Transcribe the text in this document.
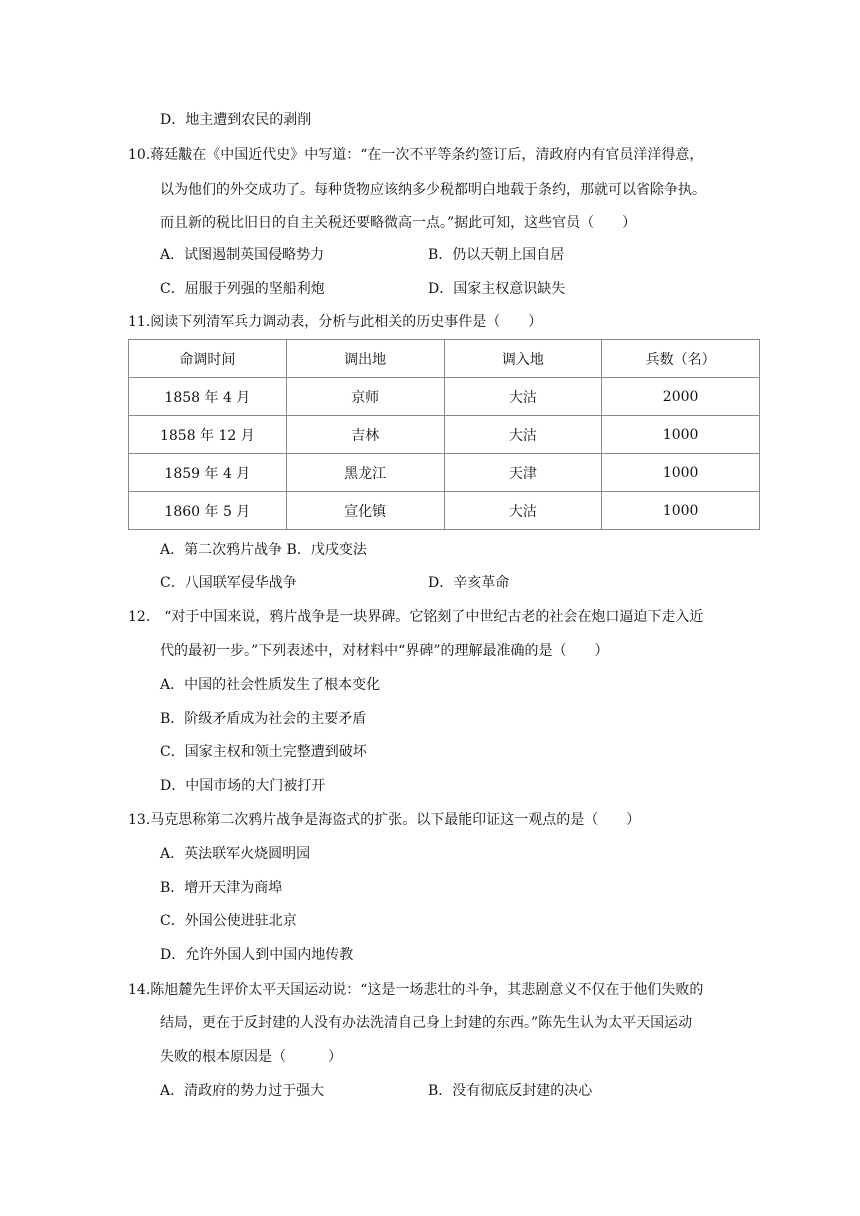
D．地主遭到农民的剥削
10.蒋廷黻在《中国近代史》中写道：“在一次不平等条约签订后，清政府内有官员洋洋得意，
以为他们的外交成功了。每种货物应该纳多少税都明白地载于条约，那就可以省除争执。
而且新的税比旧日的自主关税还要略微高一点。”据此可知，这些官员（　　）
A．试图遏制英国侵略势力	B．仍以天朝上国自居
C．屈服于列强的坚船利炮	D．国家主权意识缺失
11.阅读下列清军兵力调动表，分析与此相关的历史事件是（　　）
命调时间	调出地	调入地	兵数（名）
1858 年 4 月	京师	大沽	2000
1858 年 12 月	吉林	大沽	1000
1859 年 4 月	黑龙江	天津	1000
1860 年 5 月	宣化镇	大沽	1000
A．第二次鸦片战争 B．戊戌变法
C．八国联军侵华战争	D．辛亥革命
12.　“对于中国来说，鸦片战争是一块界碑。它铭刻了中世纪古老的社会在炮口逼迫下走入近
代的最初一步。”下列表述中，对材料中“界碑”的理解最准确的是（　　）
A．中国的社会性质发生了根本变化
B．阶级矛盾成为社会的主要矛盾
C．国家主权和领土完整遭到破坏
D．中国市场的大门被打开
13.马克思称第二次鸦片战争是海盗式的扩张。以下最能印证这一观点的是（　　）
A．英法联军火烧圆明园
B．增开天津为商埠
C．外国公使进驻北京
D．允许外国人到中国内地传教
14.陈旭麓先生评价太平天国运动说：“这是一场悲壮的斗争，其悲剧意义不仅在于他们失败的
结局，更在于反封建的人没有办法洗清自己身上封建的东西。”陈先生认为太平天国运动
失败的根本原因是（　　　）
A．清政府的势力过于强大	B．没有彻底反封建的决心
